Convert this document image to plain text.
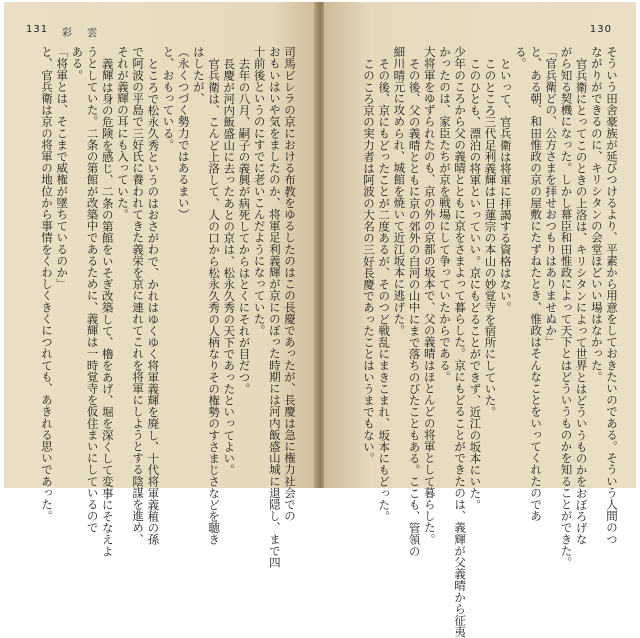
131 彩 雲
司馬ビレラの京における布教をゆるしたのはこの長慶であったが、長慶は急に権力社会での
おもいはいや気をましたのか、将軍足利義輝が京にのぼった時期には河内飯盛山城に退隠し、まで四
十前後というのにすでに老いこんだようになっていた。
去年の八月、嗣子の義興が病死してからはとくにそれが目だつ。
長慶が河内飯盛山に去ったあとの京は、松永久秀の天下であったといってよい。
官兵衛は、こんど上洛して、人の口から松永久秀の人柄なりその権勢のすさまじさなどを聴き
はしたが、
（永くつづく勢力ではあるまい）
と、おもっている。
ところで松永久秀というのはおさがわで、かれはゆくゆく将軍義輝を廃し、十代将軍義稙の孫
で阿波の平島で三好氏に養われてきた義栄を京に連れてこれを将軍にしようとする陰謀を進め、
それが義輝の耳にも入っていた。
義輝は身の危険を感じ、二条の第館をいそぎ改築して、櫓をあげ、堀を深くして変事にそなえよ
うとしていた。二条の第館が改築中であるために、義輝は一時覚寺を仮住まいにしているので
ある。
「将軍とは、そこまで威権が墜ちているのか」
と、官兵衛は京の将軍の地位から事情をくわしくきくにつれても、あきれる思いであった。
130
そういう田舎豪族が延びつけるより、平素から用意をしておきたいのである。そういう人間のつ
ながりができるのに、キリシタンの会堂ほどいい場はなかった。
官兵衛にとってこのときの上洛は、キリシタンによって世界とはどういうものかをおぼろげな
がら知る契機になった。しかし幕臣和田惟政によって天下とはどういうものかを知ることができた。
「官兵衛どの、公方さまを拝せおつもりはありませぬか」
と、ある朝、和田惟政の京の屋敷にたずねたとき、惟政はそんなことをいってくれたのであ
る。
といって、官兵衛は将軍に拝謁する資格はない。
このところ三代足利義輝は日蓮宗の本山の妙覚寺を宿所にしていた。
このひとも、漂泊の将軍といっていい。京にもどることができず、近江の坂本にいた。
少年のころから父の義晴とともに京をさまよって暮らした。京にもどることができたのは、義輝が父義晴から征夷
かったのは、家臣たちが京を戦場にして争っていたからである。
大将軍をゆずられたのも、京の外の京都の坂本で、父の義晴はほとんどの将軍として暮らした。
その後、父の義晴とともに京の郊外の白河の山中にまで落ちのびたこともある。ここも、管領の
細川晴元に攻められ、城館を焼いて近江坂本に逃げた。
その後、京にもどったことが二度あるが、そのつど戦乱にまきこまれ、坂本にもどった。
このころ京の実力者は阿波の大名の三好長慶であったことはいうまでもない。
